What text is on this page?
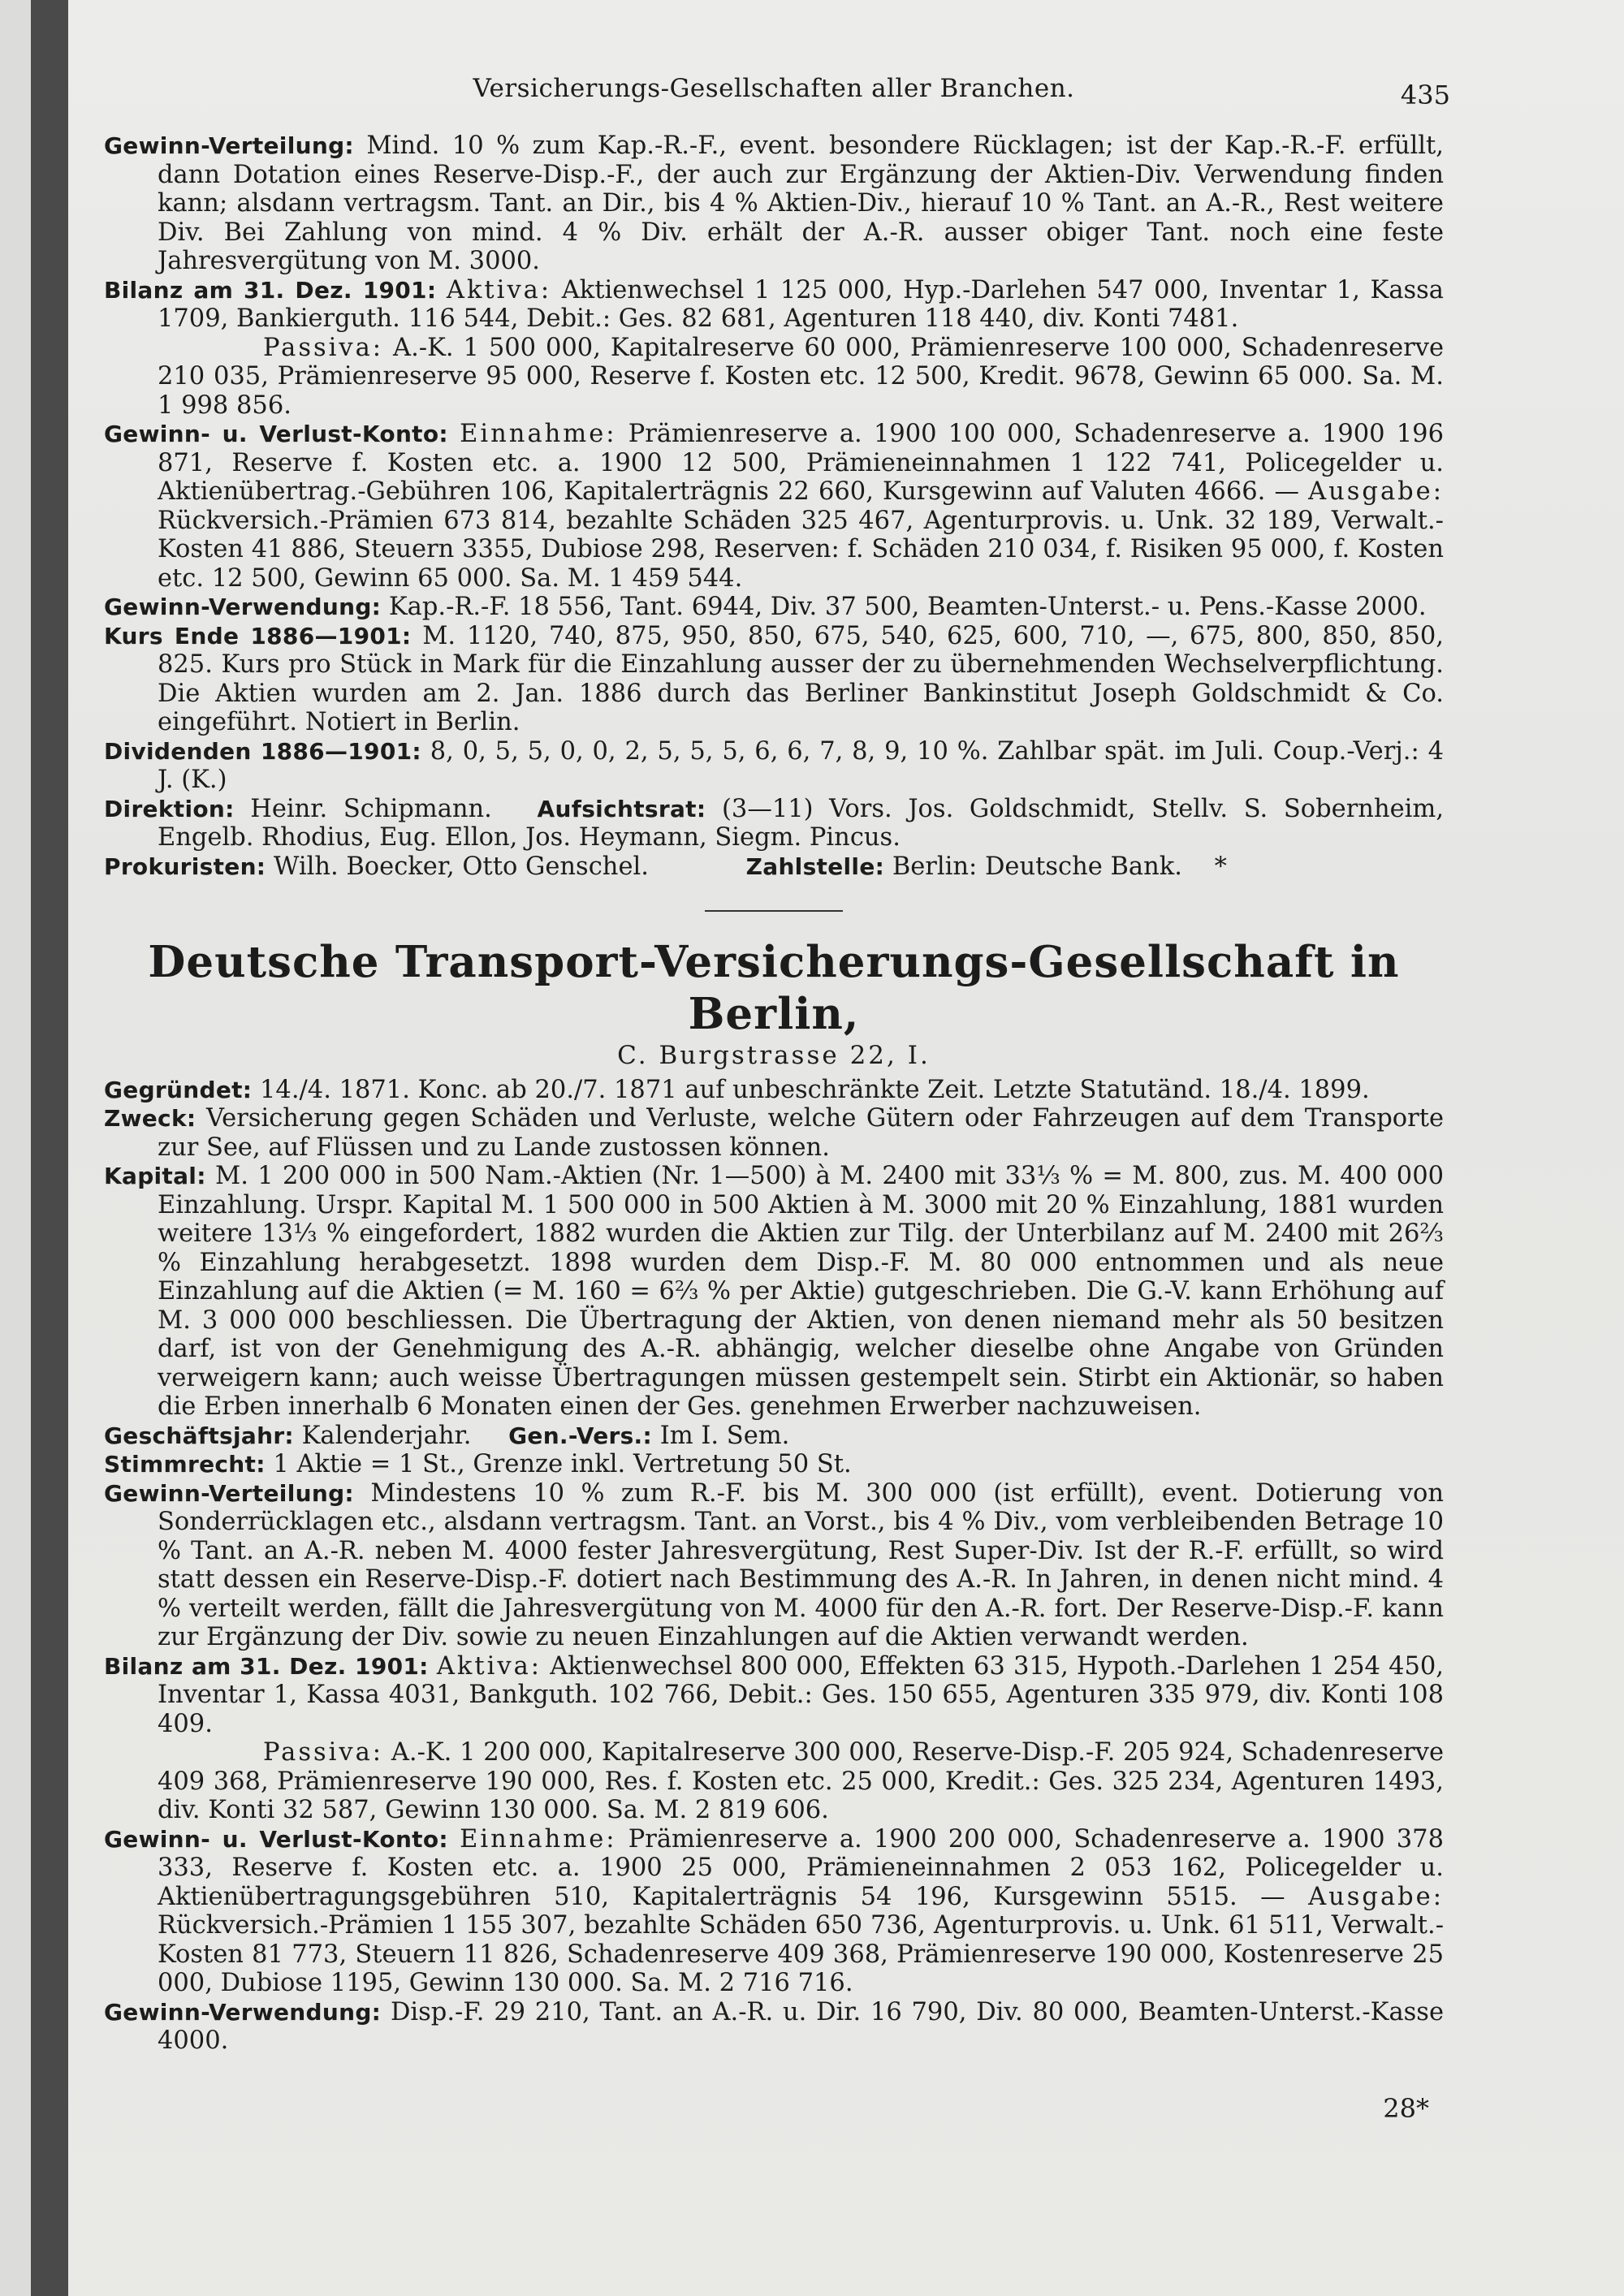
Versicherungs-Gesellschaften aller Branchen.	435

Gewinn-Verteilung: Mind. 10 % zum Kap.-R.-F., event. besondere Rücklagen; ist der Kap.-R.-F. erfüllt, dann Dotation eines Reserve-Disp.-F., der auch zur Ergänzung der Aktien-Div. Verwendung finden kann; alsdann vertragsm. Tant. an Dir., bis 4 % Aktien-Div., hierauf 10 % Tant. an A.-R., Rest weitere Div. Bei Zahlung von mind. 4 % Div. erhält der A.-R. ausser obiger Tant. noch eine feste Jahresvergütung von M. 3000.

Bilanz am 31. Dez. 1901: Aktiva: Aktienwechsel 1 125 000, Hyp.-Darlehen 547 000, Inventar 1, Kassa 1709, Bankierguth. 116 544, Debit.: Ges. 82 681, Agenturen 118 440, div. Konti 7481.

Passiva: A.-K. 1 500 000, Kapitalreserve 60 000, Prämienreserve 100 000, Schadenreserve 210 035, Prämienreserve 95 000, Reserve f. Kosten etc. 12 500, Kredit. 9678, Gewinn 65 000. Sa. M. 1 998 856.

Gewinn- u. Verlust-Konto: Einnahme: Prämienreserve a. 1900 100 000, Schadenreserve a. 1900 196 871, Reserve f. Kosten etc. a. 1900 12 500, Prämieneinnahmen 1 122 741, Policegelder u. Aktienübertrag.-Gebühren 106, Kapitalerträgnis 22 660, Kursgewinn auf Valuten 4666. — Ausgabe: Rückversich.-Prämien 673 814, bezahlte Schäden 325 467, Agenturprovis. u. Unk. 32 189, Verwalt.-Kosten 41 886, Steuern 3355, Dubiose 298, Reserven: f. Schäden 210 034, f. Risiken 95 000, f. Kosten etc. 12 500, Gewinn 65 000. Sa. M. 1 459 544.

Gewinn-Verwendung: Kap.-R.-F. 18 556, Tant. 6944, Div. 37 500, Beamten-Unterst.- u. Pens.-Kasse 2000.

Kurs Ende 1886—1901: M. 1120, 740, 875, 950, 850, 675, 540, 625, 600, 710, —, 675, 800, 850, 850, 825. Kurs pro Stück in Mark für die Einzahlung ausser der zu übernehmenden Wechselverpflichtung. Die Aktien wurden am 2. Jan. 1886 durch das Berliner Bankinstitut Joseph Goldschmidt & Co. eingeführt. Notiert in Berlin.

Dividenden 1886—1901: 8, 0, 5, 5, 0, 0, 2, 5, 5, 5, 6, 6, 7, 8, 9, 10 %. Zahlbar spät. im Juli. Coup.-Verj.: 4 J. (K.)

Direktion: Heinr. Schipmann. Aufsichtsrat: (3—11) Vors. Jos. Goldschmidt, Stellv. S. Sobernheim, Engelb. Rhodius, Eug. Ellon, Jos. Heymann, Siegm. Pincus.

Prokuristen: Wilh. Boecker, Otto Genschel.	Zahlstelle: Berlin: Deutsche Bank. *

Deutsche Transport-Versicherungs-Gesellschaft in Berlin,
C. Burgstrasse 22, I.

Gegründet: 14./4. 1871. Konc. ab 20./7. 1871 auf unbeschränkte Zeit. Letzte Statutänd. 18./4. 1899.

Zweck: Versicherung gegen Schäden und Verluste, welche Gütern oder Fahrzeugen auf dem Transporte zur See, auf Flüssen und zu Lande zustossen können.

Kapital: M. 1 200 000 in 500 Nam.-Aktien (Nr. 1—500) à M. 2400 mit 33⅓ % = M. 800, zus. M. 400 000 Einzahlung. Urspr. Kapital M. 1 500 000 in 500 Aktien à M. 3000 mit 20 % Einzahlung, 1881 wurden weitere 13⅓ % eingefordert, 1882 wurden die Aktien zur Tilg. der Unterbilanz auf M. 2400 mit 26⅔ % Einzahlung herabgesetzt. 1898 wurden dem Disp.-F. M. 80 000 entnommen und als neue Einzahlung auf die Aktien (= M. 160 = 6⅔ % per Aktie) gutgeschrieben. Die G.-V. kann Erhöhung auf M. 3 000 000 beschliessen. Die Übertragung der Aktien, von denen niemand mehr als 50 besitzen darf, ist von der Genehmigung des A.-R. abhängig, welcher dieselbe ohne Angabe von Gründen verweigern kann; auch weisse Übertragungen müssen gestempelt sein. Stirbt ein Aktionär, so haben die Erben innerhalb 6 Monaten einen der Ges. genehmen Erwerber nachzuweisen.

Geschäftsjahr: Kalenderjahr. Gen.-Vers.: Im I. Sem.

Stimmrecht: 1 Aktie = 1 St., Grenze inkl. Vertretung 50 St.

Gewinn-Verteilung: Mindestens 10 % zum R.-F. bis M. 300 000 (ist erfüllt), event. Dotierung von Sonderrücklagen etc., alsdann vertragsm. Tant. an Vorst., bis 4 % Div., vom verbleibenden Betrage 10 % Tant. an A.-R. neben M. 4000 fester Jahresvergütung, Rest Super-Div. Ist der R.-F. erfüllt, so wird statt dessen ein Reserve-Disp.-F. dotiert nach Bestimmung des A.-R. In Jahren, in denen nicht mind. 4 % verteilt werden, fällt die Jahresvergütung von M. 4000 für den A.-R. fort. Der Reserve-Disp.-F. kann zur Ergänzung der Div. sowie zu neuen Einzahlungen auf die Aktien verwandt werden.

Bilanz am 31. Dez. 1901: Aktiva: Aktienwechsel 800 000, Effekten 63 315, Hypoth.-Darlehen 1 254 450, Inventar 1, Kassa 4031, Bankguth. 102 766, Debit.: Ges. 150 655, Agenturen 335 979, div. Konti 108 409.

Passiva: A.-K. 1 200 000, Kapitalreserve 300 000, Reserve-Disp.-F. 205 924, Schadenreserve 409 368, Prämienreserve 190 000, Res. f. Kosten etc. 25 000, Kredit.: Ges. 325 234, Agenturen 1493, div. Konti 32 587, Gewinn 130 000. Sa. M. 2 819 606.

Gewinn- u. Verlust-Konto: Einnahme: Prämienreserve a. 1900 200 000, Schadenreserve a. 1900 378 333, Reserve f. Kosten etc. a. 1900 25 000, Prämieneinnahmen 2 053 162, Policegelder u. Aktienübertragungsgebühren 510, Kapitalerträgnis 54 196, Kursgewinn 5515. — Ausgabe: Rückversich.-Prämien 1 155 307, bezahlte Schäden 650 736, Agenturprovis. u. Unk. 61 511, Verwalt.-Kosten 81 773, Steuern 11 826, Schadenreserve 409 368, Prämienreserve 190 000, Kostenreserve 25 000, Dubiose 1195, Gewinn 130 000. Sa. M. 2 716 716.

Gewinn-Verwendung: Disp.-F. 29 210, Tant. an A.-R. u. Dir. 16 790, Div. 80 000, Beamten-Unterst.-Kasse 4000.

28*
